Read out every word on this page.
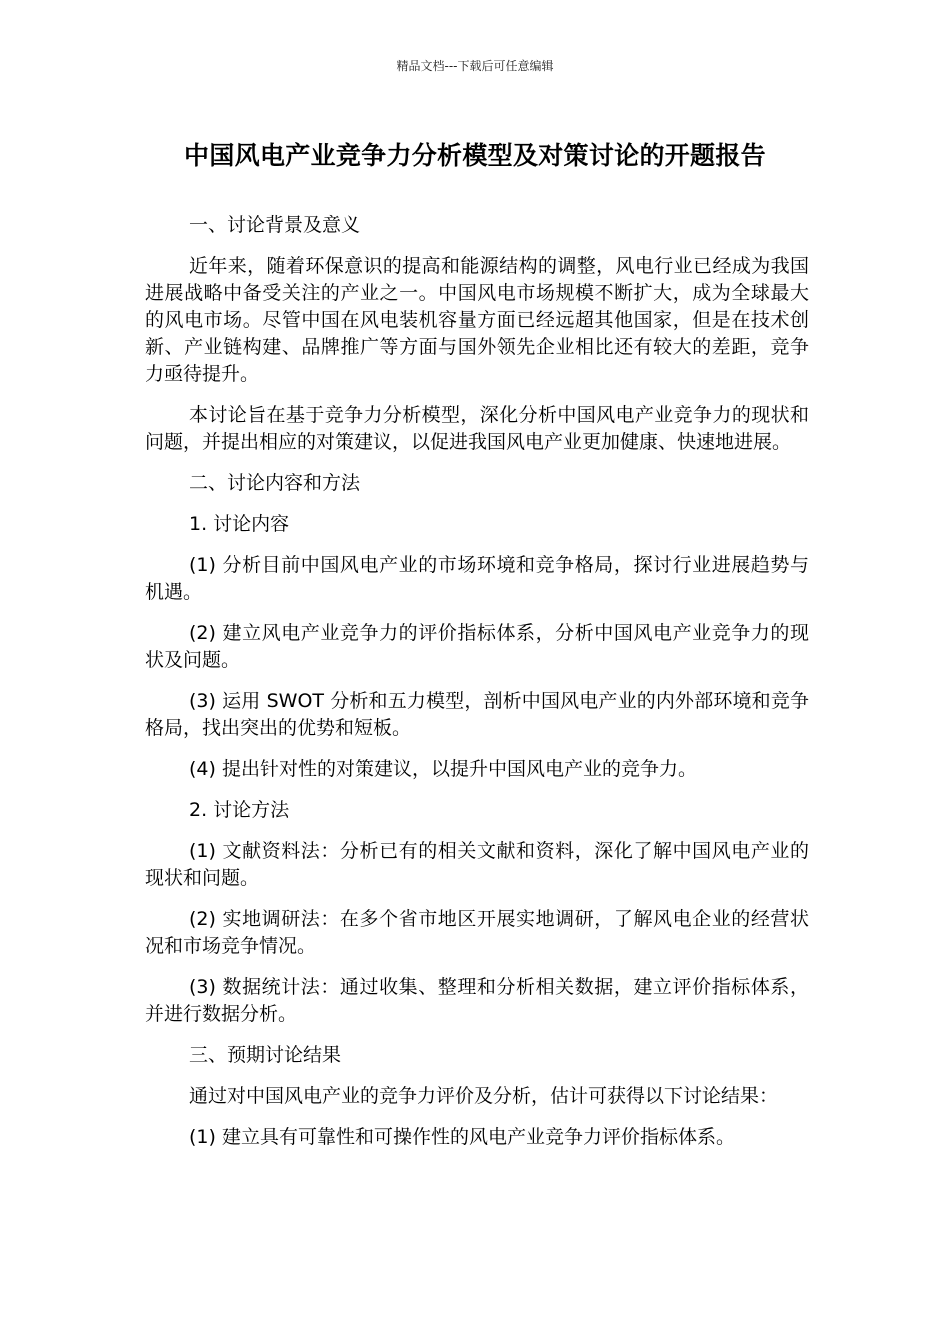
精品文档---下载后可任意编辑
中国风电产业竞争力分析模型及对策讨论的开题报告

一、讨论背景及意义

近年来，随着环保意识的提高和能源结构的调整，风电行业已经成为我国进展战略中备受关注的产业之一。中国风电市场规模不断扩大，成为全球最大的风电市场。尽管中国在风电装机容量方面已经远超其他国家，但是在技术创新、产业链构建、品牌推广等方面与国外领先企业相比还有较大的差距，竞争力亟待提升。

本讨论旨在基于竞争力分析模型，深化分析中国风电产业竞争力的现状和问题，并提出相应的对策建议，以促进我国风电产业更加健康、快速地进展。

二、讨论内容和方法

1. 讨论内容

(1) 分析目前中国风电产业的市场环境和竞争格局，探讨行业进展趋势与机遇。

(2) 建立风电产业竞争力的评价指标体系，分析中国风电产业竞争力的现状及问题。

(3) 运用 SWOT 分析和五力模型，剖析中国风电产业的内外部环境和竞争格局，找出突出的优势和短板。

(4) 提出针对性的对策建议，以提升中国风电产业的竞争力。

2. 讨论方法

(1) 文献资料法：分析已有的相关文献和资料，深化了解中国风电产业的现状和问题。

(2) 实地调研法：在多个省市地区开展实地调研，了解风电企业的经营状况和市场竞争情况。

(3) 数据统计法：通过收集、整理和分析相关数据，建立评价指标体系，并进行数据分析。

三、预期讨论结果

通过对中国风电产业的竞争力评价及分析，估计可获得以下讨论结果：

(1) 建立具有可靠性和可操作性的风电产业竞争力评价指标体系。
